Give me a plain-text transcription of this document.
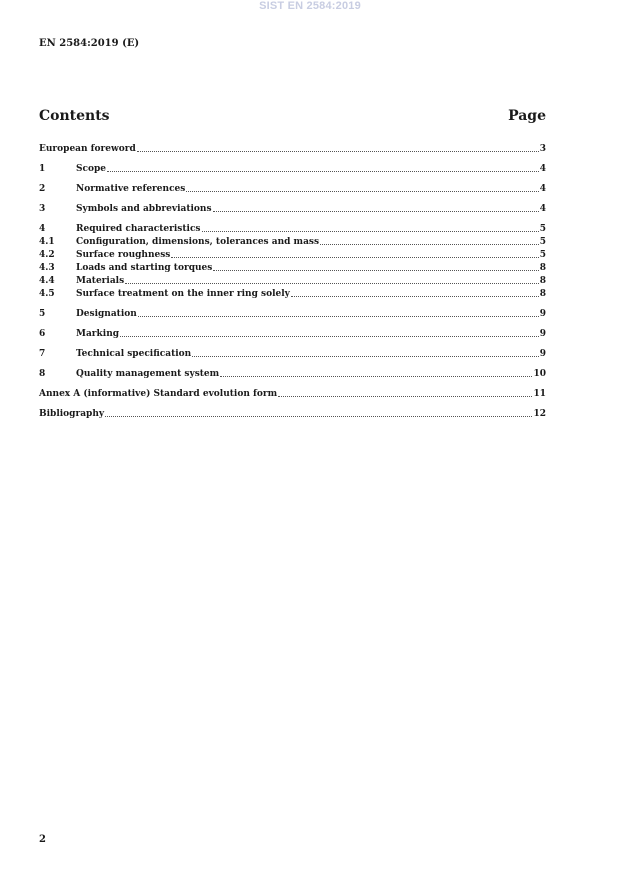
SIST EN 2584:2019
EN 2584:2019 (E)
Contents	Page
European foreword	3
1	Scope	4
2	Normative references	4
3	Symbols and abbreviations	4
4	Required characteristics	5
4.1	Configuration, dimensions, tolerances and mass	5
4.2	Surface roughness	5
4.3	Loads and starting torques	8
4.4	Materials	8
4.5	Surface treatment on the inner ring solely	8
5	Designation	9
6	Marking	9
7	Technical specification	9
8	Quality management system	10
Annex A (informative) Standard evolution form	11
Bibliography	12
2
